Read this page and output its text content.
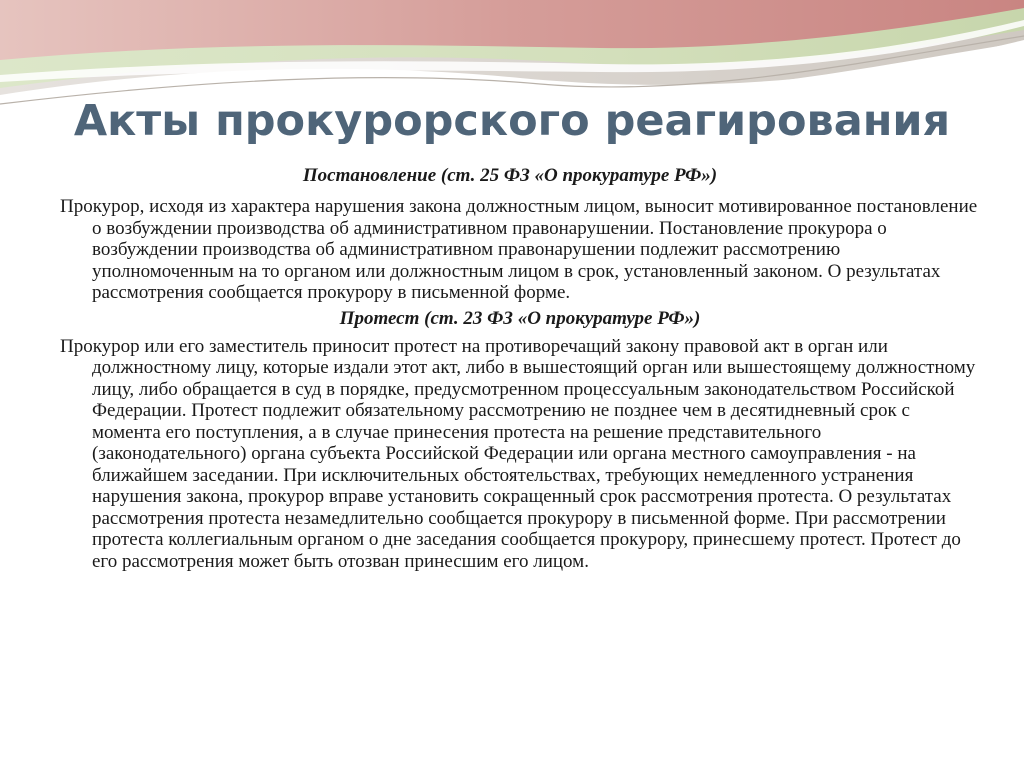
Акты прокурорского реагирования

Постановление (ст. 25 ФЗ «О прокуратуре РФ»)

Прокурор, исходя из характера нарушения закона должностным лицом, выносит мотивированное постановление о возбуждении производства об административном правонарушении. Постановление прокурора о возбуждении производства об административном правонарушении подлежит рассмотрению уполномоченным на то органом или должностным лицом в срок, установленный законом. О результатах рассмотрения сообщается прокурору в письменной форме.

Протест (ст. 23 ФЗ «О прокуратуре РФ»)

Прокурор или его заместитель приносит протест на противоречащий закону правовой акт в орган или должностному лицу, которые издали этот акт, либо в вышестоящий орган или вышестоящему должностному лицу, либо обращается в суд в порядке, предусмотренном процессуальным законодательством Российской Федерации. Протест подлежит обязательному рассмотрению не позднее чем в десятидневный срок с момента его поступления, а в случае принесения протеста на решение представительного (законодательного) органа субъекта Российской Федерации или органа местного самоуправления - на ближайшем заседании. При исключительных обстоятельствах, требующих немедленного устранения нарушения закона, прокурор вправе установить сокращенный срок рассмотрения протеста. О результатах рассмотрения протеста незамедлительно сообщается прокурору в письменной форме. При рассмотрении протеста коллегиальным органом о дне заседания сообщается прокурору, принесшему протест. Протест до его рассмотрения может быть отозван принесшим его лицом.
